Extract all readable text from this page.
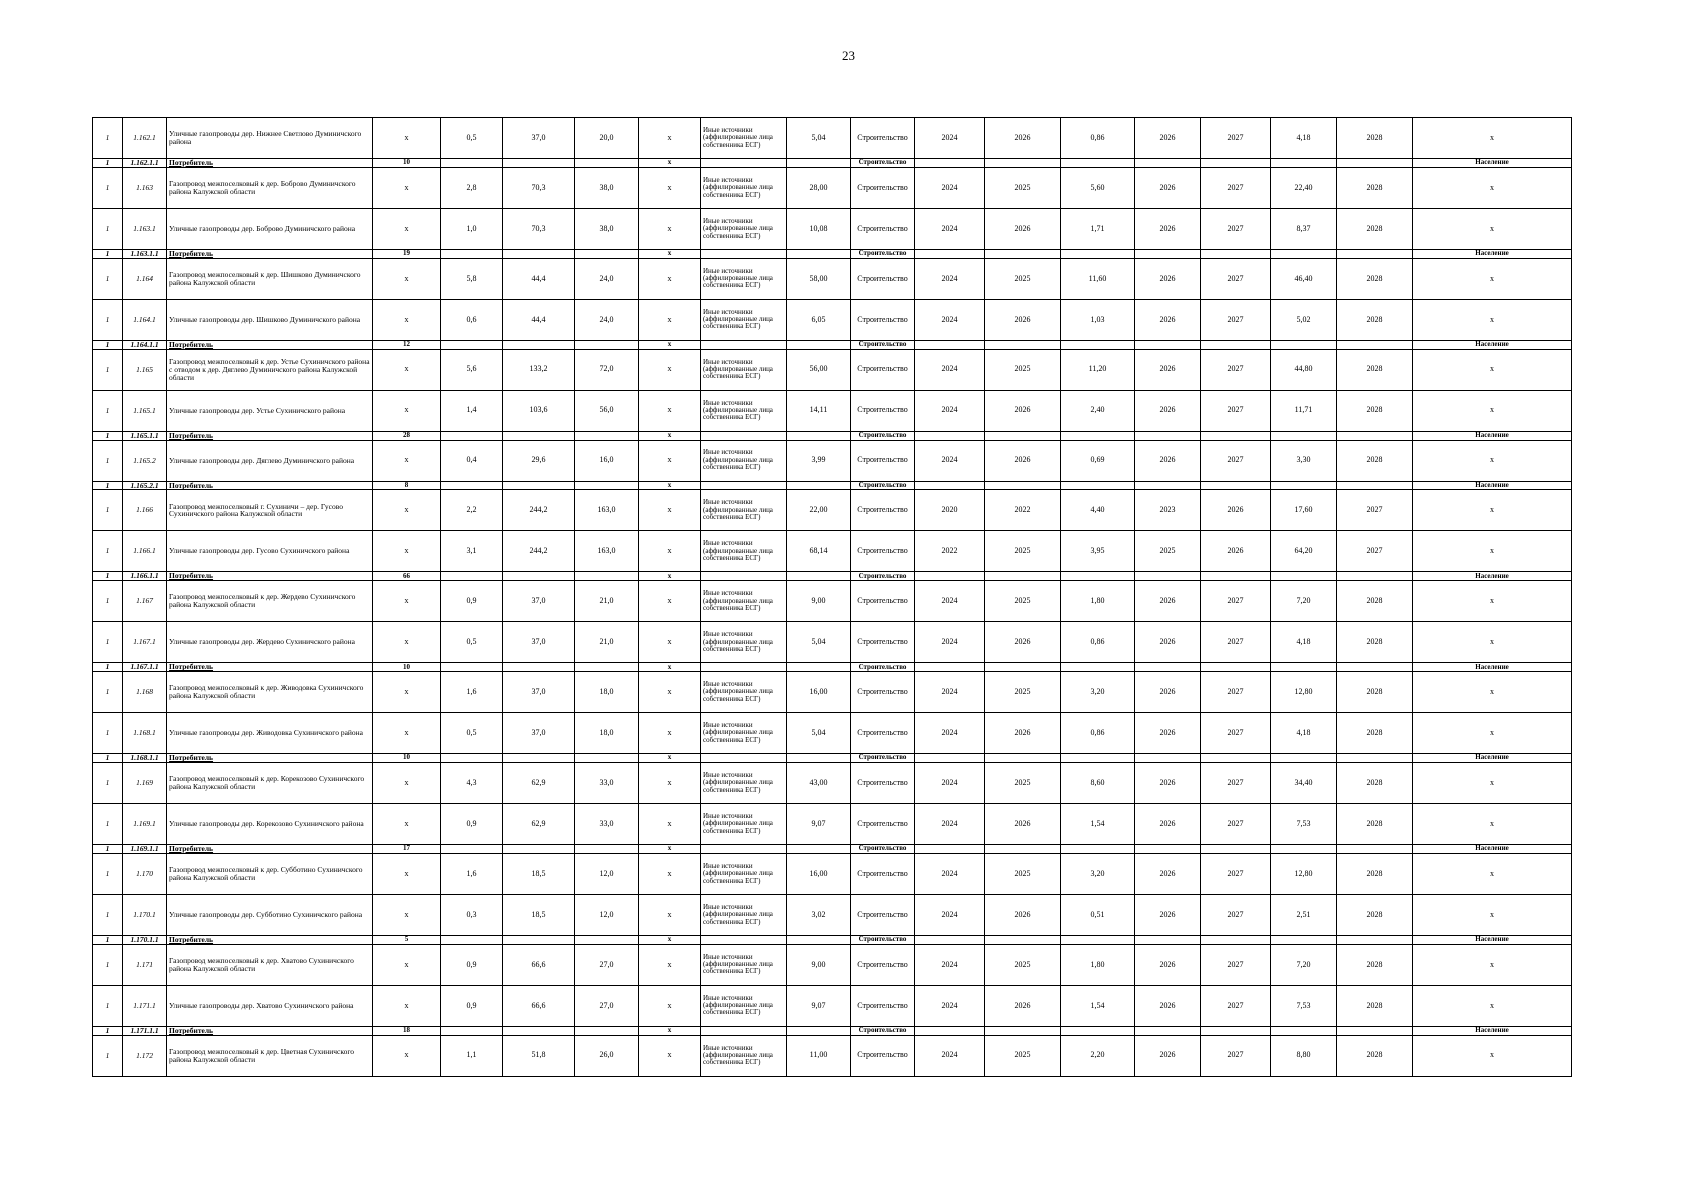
23
1	1.162.1	Уличные газопроводы дер. Нижнее Светлово Думиничского района	x	0,5	37,0	20,0	x	Иные источники (аффилированные лица собственника ЕСГ)	5,04	Строительство	2024	2026	0,86	2026	2027	4,18	2028	x
1	1.162.1.1	Потребитель	10				x			Строительство								Население
1	1.163	Газопровод межпоселковый к дер. Боброво Думиничского района Калужской области	x	2,8	70,3	38,0	x	Иные источники (аффилированные лица собственника ЕСГ)	28,00	Строительство	2024	2025	5,60	2026	2027	22,40	2028	x
1	1.163.1	Уличные газопроводы дер. Боброво Думиничского района	x	1,0	70,3	38,0	x	Иные источники (аффилированные лица собственника ЕСГ)	10,08	Строительство	2024	2026	1,71	2026	2027	8,37	2028	x
1	1.163.1.1	Потребитель	19				x			Строительство								Население
1	1.164	Газопровод межпоселковый к дер. Шишково Думиничского района Калужской области	x	5,8	44,4	24,0	x	Иные источники (аффилированные лица собственника ЕСГ)	58,00	Строительство	2024	2025	11,60	2026	2027	46,40	2028	x
1	1.164.1	Уличные газопроводы дер. Шишково Думиничского района	x	0,6	44,4	24,0	x	Иные источники (аффилированные лица собственника ЕСГ)	6,05	Строительство	2024	2026	1,03	2026	2027	5,02	2028	x
1	1.164.1.1	Потребитель	12				x			Строительство								Население
1	1.165	Газопровод межпоселковый к дер. Устье Сухиничского района с отводом к дер. Дяглево Думиничского района Калужской области	x	5,6	133,2	72,0	x	Иные источники (аффилированные лица собственника ЕСГ)	56,00	Строительство	2024	2025	11,20	2026	2027	44,80	2028	x
1	1.165.1	Уличные газопроводы дер. Устье Сухиничского района	x	1,4	103,6	56,0	x	Иные источники (аффилированные лица собственника ЕСГ)	14,11	Строительство	2024	2026	2,40	2026	2027	11,71	2028	x
1	1.165.1.1	Потребитель	28				x			Строительство								Население
1	1.165.2	Уличные газопроводы дер. Дяглево Думиничского района	x	0,4	29,6	16,0	x	Иные источники (аффилированные лица собственника ЕСГ)	3,99	Строительство	2024	2026	0,69	2026	2027	3,30	2028	x
1	1.165.2.1	Потребитель	8				x			Строительство								Население
1	1.166	Газопровод межпоселковый г. Сухиничи – дер. Гусово Сухиничского района Калужской области	x	2,2	244,2	163,0	x	Иные источники (аффилированные лица собственника ЕСГ)	22,00	Строительство	2020	2022	4,40	2023	2026	17,60	2027	x
1	1.166.1	Уличные газопроводы дер. Гусово Сухиничского района	x	3,1	244,2	163,0	x	Иные источники (аффилированные лица собственника ЕСГ)	68,14	Строительство	2022	2025	3,95	2025	2026	64,20	2027	x
1	1.166.1.1	Потребитель	66				x			Строительство								Население
1	1.167	Газопровод межпоселковый к дер. Жердево Сухиничского района Калужской области	x	0,9	37,0	21,0	x	Иные источники (аффилированные лица собственника ЕСГ)	9,00	Строительство	2024	2025	1,80	2026	2027	7,20	2028	x
1	1.167.1	Уличные газопроводы дер. Жердево Сухиничского района	x	0,5	37,0	21,0	x	Иные источники (аффилированные лица собственника ЕСГ)	5,04	Строительство	2024	2026	0,86	2026	2027	4,18	2028	x
1	1.167.1.1	Потребитель	10				x			Строительство								Население
1	1.168	Газопровод межпоселковый к дер. Живодовка Сухиничского района Калужской области	x	1,6	37,0	18,0	x	Иные источники (аффилированные лица собственника ЕСГ)	16,00	Строительство	2024	2025	3,20	2026	2027	12,80	2028	x
1	1.168.1	Уличные газопроводы дер. Живодовка Сухиничского района	x	0,5	37,0	18,0	x	Иные источники (аффилированные лица собственника ЕСГ)	5,04	Строительство	2024	2026	0,86	2026	2027	4,18	2028	x
1	1.168.1.1	Потребитель	10				x			Строительство								Население
1	1.169	Газопровод межпоселковый к дер. Корекозово Сухиничского района Калужской области	x	4,3	62,9	33,0	x	Иные источники (аффилированные лица собственника ЕСГ)	43,00	Строительство	2024	2025	8,60	2026	2027	34,40	2028	x
1	1.169.1	Уличные газопроводы дер. Корекозово Сухиничского района	x	0,9	62,9	33,0	x	Иные источники (аффилированные лица собственника ЕСГ)	9,07	Строительство	2024	2026	1,54	2026	2027	7,53	2028	x
1	1.169.1.1	Потребитель	17				x			Строительство								Население
1	1.170	Газопровод межпоселковый к дер. Субботино Сухиничского района Калужской области	x	1,6	18,5	12,0	x	Иные источники (аффилированные лица собственника ЕСГ)	16,00	Строительство	2024	2025	3,20	2026	2027	12,80	2028	x
1	1.170.1	Уличные газопроводы дер. Субботино Сухиничского района	x	0,3	18,5	12,0	x	Иные источники (аффилированные лица собственника ЕСГ)	3,02	Строительство	2024	2026	0,51	2026	2027	2,51	2028	x
1	1.170.1.1	Потребитель	5				x			Строительство								Население
1	1.171	Газопровод межпоселковый к дер. Хватово Сухиничского района Калужской области	x	0,9	66,6	27,0	x	Иные источники (аффилированные лица собственника ЕСГ)	9,00	Строительство	2024	2025	1,80	2026	2027	7,20	2028	x
1	1.171.1	Уличные газопроводы дер. Хватово Сухиничского района	x	0,9	66,6	27,0	x	Иные источники (аффилированные лица собственника ЕСГ)	9,07	Строительство	2024	2026	1,54	2026	2027	7,53	2028	x
1	1.171.1.1	Потребитель	18				x			Строительство								Население
1	1.172	Газопровод межпоселковый к дер. Цветная Сухиничского района Калужской области	x	1,1	51,8	26,0	x	Иные источники (аффилированные лица собственника ЕСГ)	11,00	Строительство	2024	2025	2,20	2026	2027	8,80	2028	x
